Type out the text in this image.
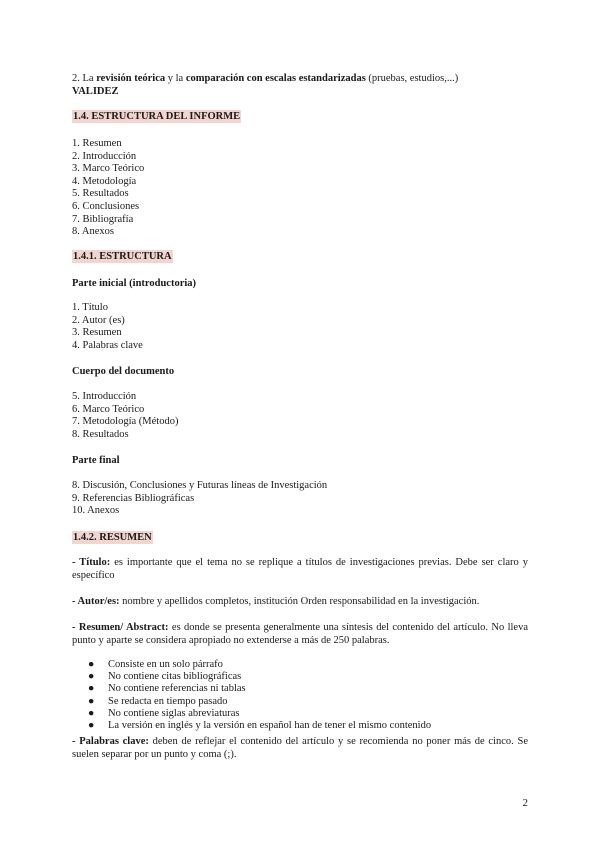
2. La revisión teórica y la comparación con escalas estandarizadas (pruebas, estudios,...)
VALIDEZ
1.4. ESTRUCTURA DEL INFORME
1. Resumen
2. Introducción
3. Marco Teórico
4. Metodología
5. Resultados
6. Conclusiones
7. Bibliografía
8. Anexos
1.4.1. ESTRUCTURA
Parte inicial (introductoria)
1. Título
2. Autor (es)
3. Resumen
4. Palabras clave
Cuerpo del documento
5. Introducción
6. Marco Teórico
7. Metodología (Método)
8. Resultados
Parte final
8. Discusión, Conclusiones y Futuras líneas de Investigación
9. Referencias Bibliográficas
10. Anexos
1.4.2. RESUMEN
- Título: es importante que el tema no se replique a títulos de investigaciones previas. Debe ser claro y específico
- Autor/es: nombre y apellidos completos, institución Orden responsabilidad en la investigación.
- Resumen/ Abstract: es donde se presenta generalmente una síntesis del contenido del artículo. No lleva punto y aparte se considera apropiado no extenderse a más de 250 palabras.
● Consiste en un solo párrafo
● No contiene citas bibliográficas
● No contiene referencias ni tablas
● Se redacta en tiempo pasado
● No contiene siglas abreviaturas
● La versión en inglés y la versión en español han de tener el mismo contenido
- Palabras clave: deben de reflejar el contenido del artículo y se recomienda no poner más de cinco. Se suelen separar por un punto y coma (;).
2
